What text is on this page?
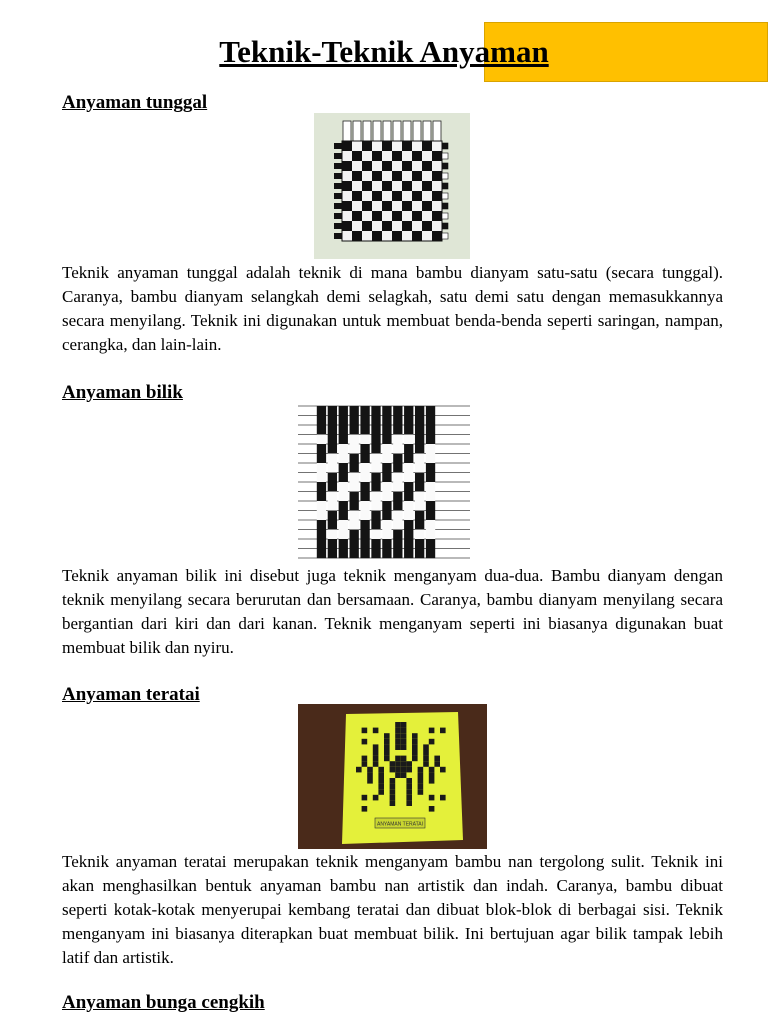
Teknik-Teknik Anyaman
Anyaman tunggal

Teknik anyaman tunggal adalah teknik di mana bambu dianyam satu-satu (secara tunggal). Caranya, bambu dianyam selangkah demi selagkah, satu demi satu dengan memasukkannya secara menyilang. Teknik ini digunakan untuk membuat benda-benda seperti saringan, nampan, cerangka, dan lain-lain.

Anyaman bilik

Teknik anyaman bilik ini disebut juga teknik menganyam dua-dua. Bambu dianyam dengan teknik menyilang secara berurutan dan bersamaan. Caranya, bambu dianyam menyilang secara bergantian dari kiri dan dari kanan. Teknik menganyam seperti ini biasanya digunakan buat membuat bilik dan nyiru.

Anyaman teratai
ANYAMAN TERATAI

Teknik anyaman teratai merupakan teknik menganyam bambu nan tergolong sulit. Teknik ini akan menghasilkan bentuk anyaman bambu nan artistik dan indah. Caranya, bambu dibuat seperti kotak-kotak menyerupai kembang teratai dan dibuat blok-blok di berbagai sisi. Teknik menganyam ini biasanya diterapkan buat membuat bilik. Ini bertujuan agar bilik tampak lebih latif dan artistik.

Anyaman bunga cengkih
